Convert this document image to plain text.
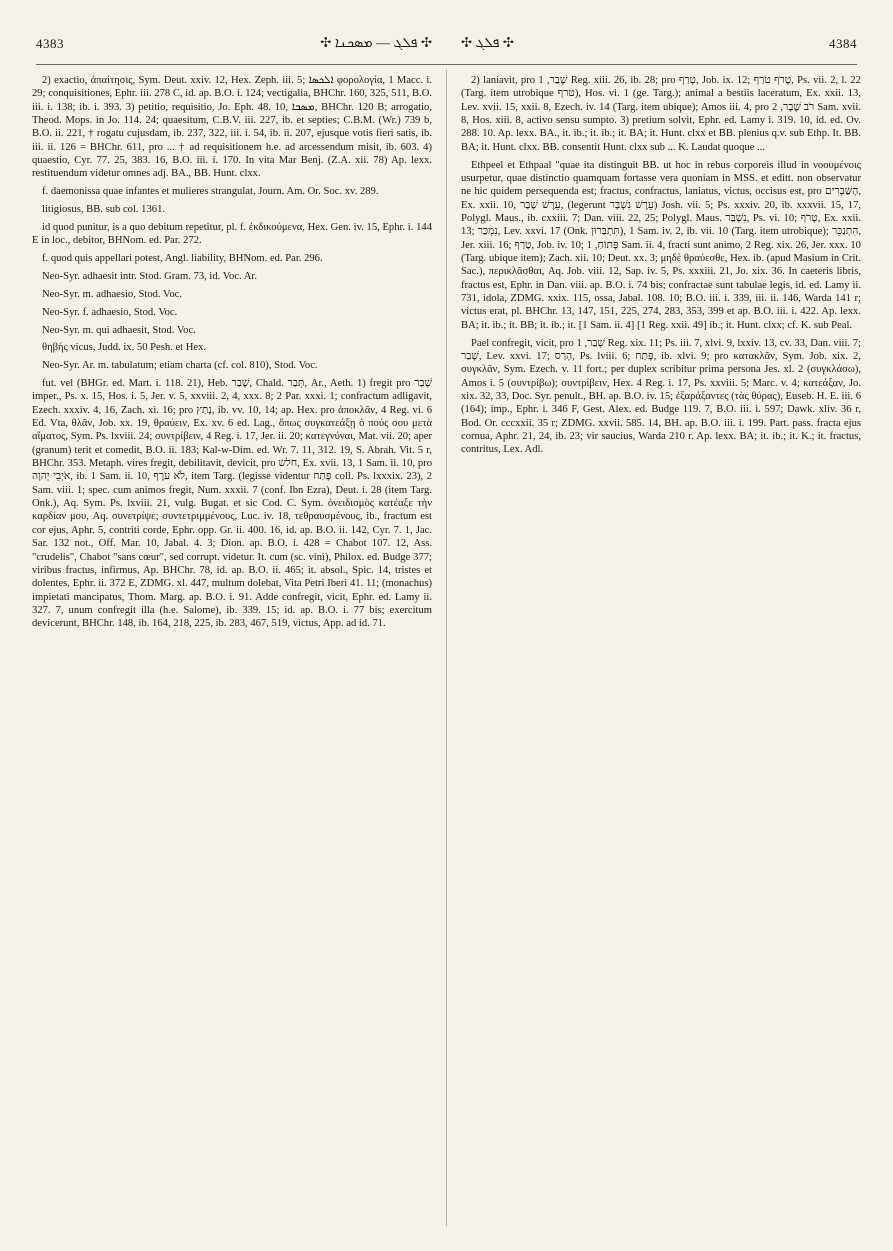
4383	✣ ܦܠܓ — ܡܣܟܢܐ ✣ ✣ ܦܠܓ ✣	4384

2) exactio, ἀπαίτησις, Sym. Deut. xxiv. 12, Hex. Zeph. iii. 5; ܐܠܟܣܐ φορολογία, 1 Macc. i. 29; conquisitiones, Ephr. iii. 278 C, id. ap. B.O. i. 124; vectigalia, BHChr. 160, 325, 511, B.O. iii. i. 138; ib. i. 393. 3) petitio, requisitio, Jo. Eph. 48. 10, ܡܣܒܐ, BHChr. 120 B; arrogatio, Theod. Mops. in Jo. 114. 24; quaesitum, C.B.V. iii. 227, ib. et septies; C.B.M. (Wr.) 739 b, B.O. ii. 221, † rogatu cujusdam, ib. 237, 322, iii. i. 54, ib. ii. 207, ejusque votis fieri satis, ib. iii. ii. 126 = BHChr. 611, pro ... † ad requisitionem h.e. ad arcessendum misit, ib. 603. 4) quaestio, Cyr. 77. 25, 383. 16, B.O. iii. i. 170. In vita Mar Benj. (Z.A. xii. 78) Ap. lexx. restituendum videtur omnes adj. BA., BB. Hunt. clxx.

f. daemonissa quae infantes et mulieres strangulat, Journ. Am. Or. Soc. xv. 289.

litigiosus, BB. sub col. 1361.

id quod punitur, is a quo debitum repetitur, pl. f. ἐκδικούμενα, Hex. Gen. iv. 15, Ephr. i. 144 E in loc., debitor, BHNom. ed. Par. 272.

f. quod quis appellari potest, Angl. liability, BHNom. ed. Par. 296.

Neo-Syr. adhaesit intr. Stod. Gram. 73, id. Voc. Ar.

Neo-Syr. m. adhaesio, Stod. Voc.

Neo-Syr. f. adhaesio, Stod. Voc.

Neo-Syr. m. qui adhaesit, Stod. Voc.

θηβής vicus, Judd. ix. 50 Pesh. et Hex.

Neo-Syr. Ar. m. tabulatum; etiam charta (cf. col. 810), Stod. Voc.

fut. vel (BHGr. ed. Mart. i. 118. 21), Heb. שָׁבַר, Chald. תְּבַר, Ar., Aeth. 1) fregit pro שָׁבַר imper., Ps. x. 15, Hos. i. 5, Jer. v. 5, xxviii. 2, 4, xxx. 8; 2 Par. xxxi. 1; confractum adligavit, Ezech. xxxiv. 4, 16, Zach. xi. 16; pro נָתַץ, ib. vv. 10, 14; ap. Hex. pro ἀποκλᾶν, 4 Reg. vi. 6 Ed. Vta, θλᾶν, Job. xx. 19, θραύειν, Ex. xv. 6 ed. Lag., ὅπως συγκατεάξῃ ὁ πούς σου μετὰ αἵματος, Sym. Ps. lxviii. 24; συντρίβειν, 4 Reg. i. 17, Jer. ii. 20; κατεγνύναι, Mat. vii. 20; aper (granum) terit et comedit, B.O. ii. 183; Kal-w-Dim. ed. Wr. 7. 11, 312. 19, S. Abrah. Vit. 5 r, BHChr. 353. Metaph. vires fregit, debilitavit, devicit, pro חלש, Ex. xvii. 13, 1 Sam. ii. 10, pro אֹיְבֵי יְהוָה, ib. 1 Sam. ii. 10, לֹא עֹרֶף, item Targ. (legisse videntur פָּתַח coll. Ps. lxxxix. 23), 2 Sam. viii. 1; spec. cum animos fregit, Num. xxxii. 7 (conf. Ibn Ezra), Deut. i. 28 (item Targ. Onk.), Aq. Sym. Ps. lxviii. 21, vulg. Bugat. et sic Cod. C. Sym. ὀνειδισμὸς κατέαξε τὴν καρδίαν μου, Aq. συνετρίψε; συντετριμμένους, Luc. iv. 18, τεθραυσμένους, ib., fractum est cor ejus, Aphr. 5, contriti corde, Ephr. opp. Gr. ii. 400. 16, id. ap. B.O. ii. 142, Cyr. 7. 1, Jac. Sar. 132 not., Off. Mar. 10, Jabal. 4. 3; Dion. ap. B.O. i. 428 = Chabot 107. 12, Ass. "crudelis", Chabot "sans cœur", sed corrupt. videtur. It. cum (sc. vini), Philox. ed. Budge 377; viribus fractus, infirmus, Ap. BHChr. 78, id. ap. B.O. ii. 465; it. absol., Spic. 14, tristes et dolentes, Ephr. ii. 372 E, ZDMG. xl. 447, multum dolebat, Vita Petri Iberi 41. 11; (monachus) impietati mancipatus, Thom. Marg. ap. B.O. i. 91. Adde confregit, vicit, Ephr. ed. Lamy ii. 327. 7, unum confregit illa (h.e. Salome), ib. 339. 15; id. ap. B.O. i. 77 bis; exercitum devicerunt, BHChr. 148, ib. 164, 218, 225, ib. 283, 467, 519, victus, App. ad id. 71.

2) laniavit, pro שָׁבַר, 1 Reg. xiii. 26, ib. 28; pro טָרַף, Job. ix. 12; טָרֹף טֹרַף, Ps. vii. 2, l. 22 (Targ. item utrobique טרף), Hos. vi. 1 (ge. Targ.); animal a bestiis laceratum, Ex. xxii. 13, Lev. xvii. 15, xxii. 8, Ezech. iv. 14 (Targ. item ubique); Amos iii. 4, pro רֹב שֶׁבֶר, 2 Sam. xvii. 8, Hos. xiii. 8, activo sensu sumpto. 3) pretium solvit, Ephr. ed. Lamy i. 319. 10, id. ed. Ov. 288. 10. Ap. lexx. BA., it. ib.; it. ib.; it. BA; it. Hunt. clxx et BB. plenius q.v. sub Ethp. It. BB. BA; it. Hunt. clxx. BB. consentit Hunt. clxx sub ... K. Laudat quoque ...

Ethpeel et Ethpaal "quae ita distinguit BB. ut hoc in rebus corporeis illud in νοουμένοις usurpetur, quae distinctio quamquam fortasse vera quoniam in MSS. et editt. non observatur ne hic quidem persequenda est; fractus, confractus, laniatus, victus, occisus est, pro הָשַּׁבְּרִים, Ex. xxii. 10, עֵרֶשׁ שָׁבַר, (legerunt עֵרֶשׁ נִשְׁבָּר) Josh. vii. 5; Ps. xxxiv. 20, ib. xxxvii. 15, 17, Polygl. Maus., ib. cxxiii. 7; Dan. viii. 22, 25; Polygl. Maus. נִשְׁבַּר, Ps. vi. 10; טָרֹף, Ex. xxii. 13; נִמְכַּר, Lev. xxvi. 17 (Onk. תִּתְבַּרוּן), 1 Sam. iv. 2, ib. vii. 10 (Targ. item utrobique); הִתְנַכֵּר, Jer. xiii. 16; טָרַף, Job. iv. 10; פָּתוֹחַ, 1 Sam. ii. 4, fracti sunt animo, 2 Reg. xix. 26, Jer. xxx. 10 (Targ. ubique item); Zach. xii. 10; Deut. xx. 3; μηδὲ θραύεσθε, Hex. ib. (apud Masium in Crit. Sac.), περικλᾶσθαι, Aq. Job. viii. 12, Sap. iv. 5, Ps. xxxiii. 21, Jo. xix. 36. In caeteris libris, fractus est, Ephr. in Dan. viii. ap. B.O. i. 74 bis; confractae sunt tabulae legis, id. ed. Lamy ii. 731, idola, ZDMG. xxix. 115, ossa, Jabal. 108. 10; B.O. iii. i. 339, iii. ii. 146, Warda 141 r; victus erat, pl. BHChr. 13, 147, 151, 225, 274, 283, 353, 399 et ap. B.O. iii. i. 422. Ap. lexx. BA; it. ib.; it. BB; it. ib.; it. [1 Sam. ii. 4] [1 Reg. xxii. 49] ib.; it. Hunt. clxx; cf. K. sub Peal.

Pael confregit, vicit, pro שָׁבַר, 1 Reg. xix. 11; Ps. iii. 7, xlvi. 9, lxxiv. 13, cv. 33, Dan. viii. 7; שָׁבַר, Lev. xxvi. 17; הָרַס, Ps. lviii. 6; פָּתַח, ib. xlvi. 9; pro κατακλᾶν, Sym. Job. xix. 2, συγκλᾶν, Sym. Ezech. v. 11 fort.; per duplex scribitur prima persona Jes. xl. 2 (συγκλάσω), Amos i. 5 (συντρίβω); συντρίβειν, Hex. 4 Reg. i. 17, Ps. xxviii. 5; Marc. v. 4; κατεάξαν, Jo. xix. 32, 33, Doc. Syr. penult., BH. ap. B.O. iv. 15; ἐξαράξαντες (τὰς θύρας), Euseb. H. E. iii. 6 (164); imp., Ephr. i. 346 F, Gest. Alex. ed. Budge 119. 7, B.O. iii. i. 597; Dawk. xliv. 36 r, Bod. Or. cccxxii. 35 r; ZDMG. xxvii. 585. 14, BH. ap. B.O. iii. i. 199. Part. pass. fracta ejus cornua, Aphr. 21, 24, ib. 23; vir saucius, Warda 210 r. Ap. lexx. BA; it. ib.; it. K.; it. fractus, contritus, Lex. Adl.
